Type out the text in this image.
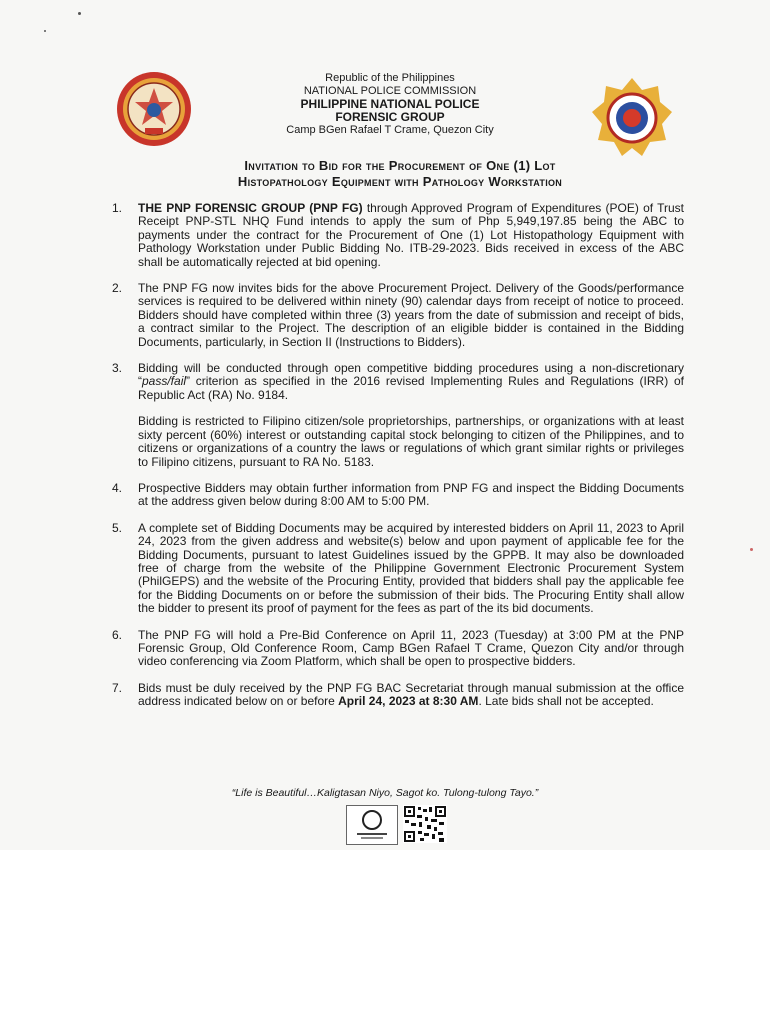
Republic of the Philippines
NATIONAL POLICE COMMISSION
PHILIPPINE NATIONAL POLICE
FORENSIC GROUP
Camp BGen Rafael T Crame, Quezon City
Invitation to Bid for the Procurement of One (1) Lot
Histopathology Equipment with Pathology Workstation
1.	THE PNP FORENSIC GROUP (PNP FG) through Approved Program of Expenditures (POE) of Trust Receipt PNP-STL NHQ Fund intends to apply the sum of Php 5,949,197.85 being the ABC to payments under the contract for the Procurement of One (1) Lot Histopathology Equipment with Pathology Workstation under Public Bidding No. ITB-29-2023. Bids received in excess of the ABC shall be automatically rejected at bid opening.
2.	The PNP FG now invites bids for the above Procurement Project. Delivery of the Goods/performance services is required to be delivered within ninety (90) calendar days from receipt of notice to proceed. Bidders should have completed within three (3) years from the date of submission and receipt of bids, a contract similar to the Project. The description of an eligible bidder is contained in the Bidding Documents, particularly, in Section II (Instructions to Bidders).
3.	Bidding will be conducted through open competitive bidding procedures using a non-discretionary “pass/fail” criterion as specified in the 2016 revised Implementing Rules and Regulations (IRR) of Republic Act (RA) No. 9184.
Bidding is restricted to Filipino citizen/sole proprietorships, partnerships, or organizations with at least sixty percent (60%) interest or outstanding capital stock belonging to citizen of the Philippines, and to citizens or organizations of a country the laws or regulations of which grant similar rights or privileges to Filipino citizens, pursuant to RA No. 5183.
4.	Prospective Bidders may obtain further information from PNP FG and inspect the Bidding Documents at the address given below during 8:00 AM to 5:00 PM.
5.	A complete set of Bidding Documents may be acquired by interested bidders on April 11, 2023 to April 24, 2023 from the given address and website(s) below and upon payment of applicable fee for the Bidding Documents, pursuant to latest Guidelines issued by the GPPB. It may also be downloaded free of charge from the website of the Philippine Government Electronic Procurement System (PhilGEPS) and the website of the Procuring Entity, provided that bidders shall pay the applicable fee for the Bidding Documents on or before the submission of their bids. The Procuring Entity shall allow the bidder to present its proof of payment for the fees as part of the its bid documents.
6.	The PNP FG will hold a Pre-Bid Conference on April 11, 2023 (Tuesday) at 3:00 PM at the PNP Forensic Group, Old Conference Room, Camp BGen Rafael T Crame, Quezon City and/or through video conferencing via Zoom Platform, which shall be open to prospective bidders.
7.	Bids must be duly received by the PNP FG BAC Secretariat through manual submission at the office address indicated below on or before April 24, 2023 at 8:30 AM. Late bids shall not be accepted.
“Life is Beautiful…Kaligtasan Niyo, Sagot ko. Tulong-tulong Tayo.”
